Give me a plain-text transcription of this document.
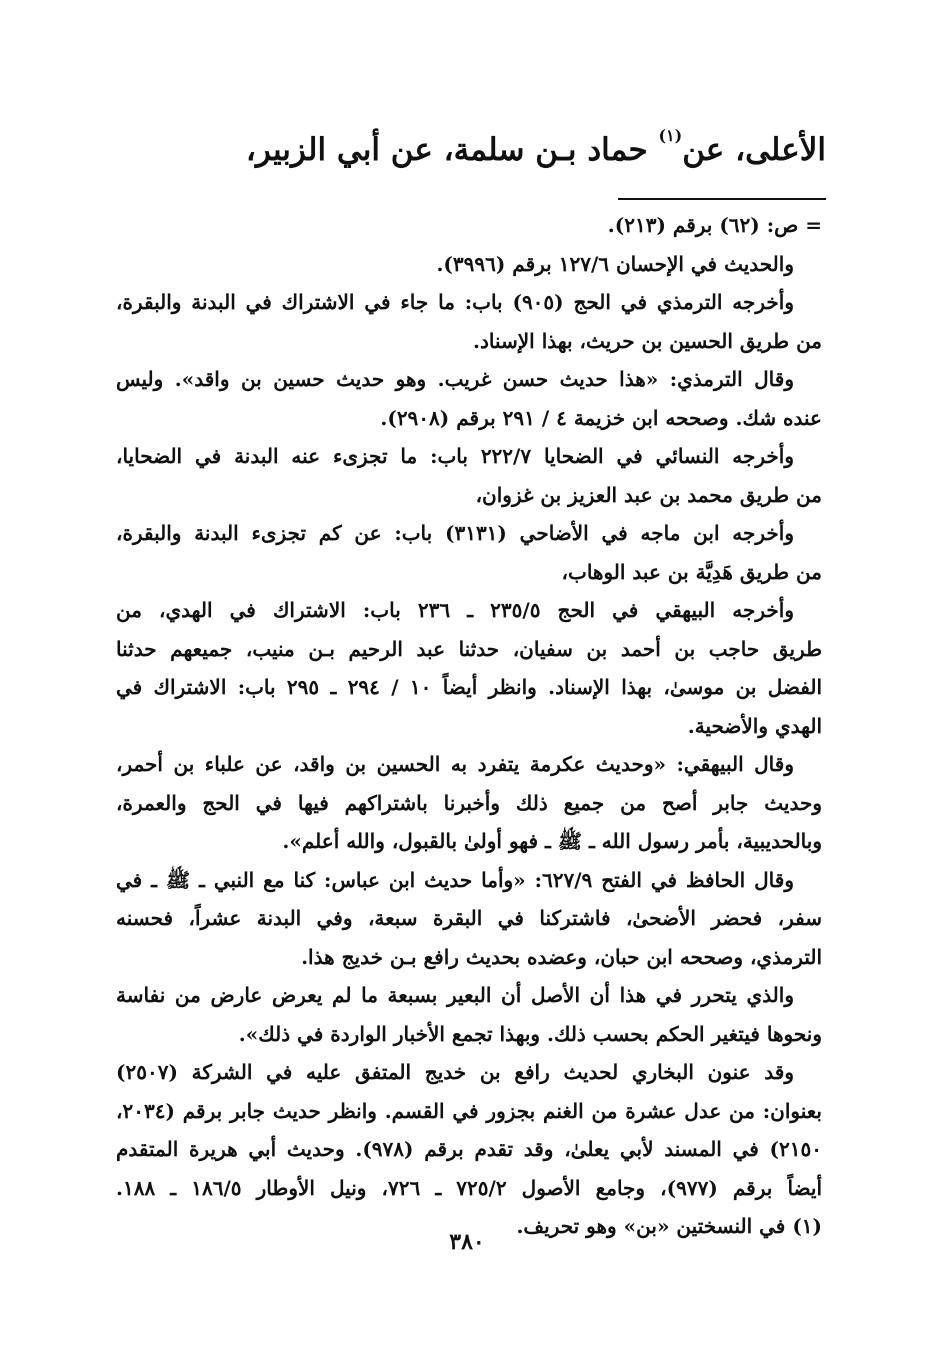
الأعلى، عن$^{(١)}$ حماد بـن سلمة، عن أبي الزبير،
= ص: (٦٢) برقم (٢١٣).
والحديث في الإحسان ١٢٧/٦ برقم (٣٩٩٦).
وأخرجه الترمذي في الحج (٩٠٥) باب: ما جاء في الاشتراك في البدنة والبقرة،
من طريق الحسين بن حريث، بهذا الإسناد.
وقال الترمذي: «هذا حديث حسن غريب. وهو حديث حسين بن واقد». وليس
عنده شك. وصححه ابن خزيمة ٤ / ٢٩١ برقم (٢٩٠٨).
وأخرجه النسائي في الضحايا ٢٢٢/٧ باب: ما تجزىء عنه البدنة في الضحايا،
من طريق محمد بن عبد العزيز بن غزوان،
وأخرجه ابن ماجه في الأضاحي (٣١٣١) باب: عن كم تجزىء البدنة والبقرة،
من طريق هَدِيَّة بن عبد الوهاب،
وأخرجه البيهقي في الحج ٢٣٥/٥ ـ ٢٣٦ باب: الاشتراك في الهدي، من
طريق حاجب بن أحمد بن سفيان، حدثنا عبد الرحيم بـن منيب، جميعهم حدثنا
الفضل بن موسىٰ، بهذا الإسناد. وانظر أيضاً ١٠ / ٢٩٤ ـ ٢٩٥ باب: الاشتراك في
الهدي والأضحية.
وقال البيهقي: «وحديث عكرمة يتفرد به الحسين بن واقد، عن علباء بن أحمر،
وحديث جابر أصح من جميع ذلك وأخبرنا باشتراكهم فيها في الحج والعمرة،
وبالحديبية، بأمر رسول الله ـ ﷺ ـ فهو أولىٰ بالقبول، والله أعلم».
وقال الحافظ في الفتح ٦٢٧/٩: «وأما حديث ابن عباس: كنا مع النبي ـ ﷺ ـ في
سفر، فحضر الأضحىٰ، فاشتركنا في البقرة سبعة، وفي البدنة عشراً، فحسنه
الترمذي، وصححه ابن حبان، وعضده بحديث رافع بـن خديج هذا.
والذي يتحرر في هذا أن الأصل أن البعير بسبعة ما لم يعرض عارض من نفاسة
ونحوها فيتغير الحكم بحسب ذلك. وبهذا تجمع الأخبار الواردة في ذلك».
وقد عنون البخاري لحديث رافع بن خديج المتفق عليه في الشركة (٢٥٠٧)
بعنوان: من عدل عشرة من الغنم بجزور في القسم. وانظر حديث جابر برقم (٢٠٣٤،
٢١٥٠) في المسند لأبي يعلىٰ، وقد تقدم برقم (٩٧٨). وحديث أبي هريرة المتقدم
أيضاً برقم (٩٧٧)، وجامع الأصول ٧٢٥/٢ ـ ٧٢٦، ونيل الأوطار ١٨٦/٥ ـ ١٨٨.
(١) في النسختين «بن» وهو تحريف.
٣٨٠
